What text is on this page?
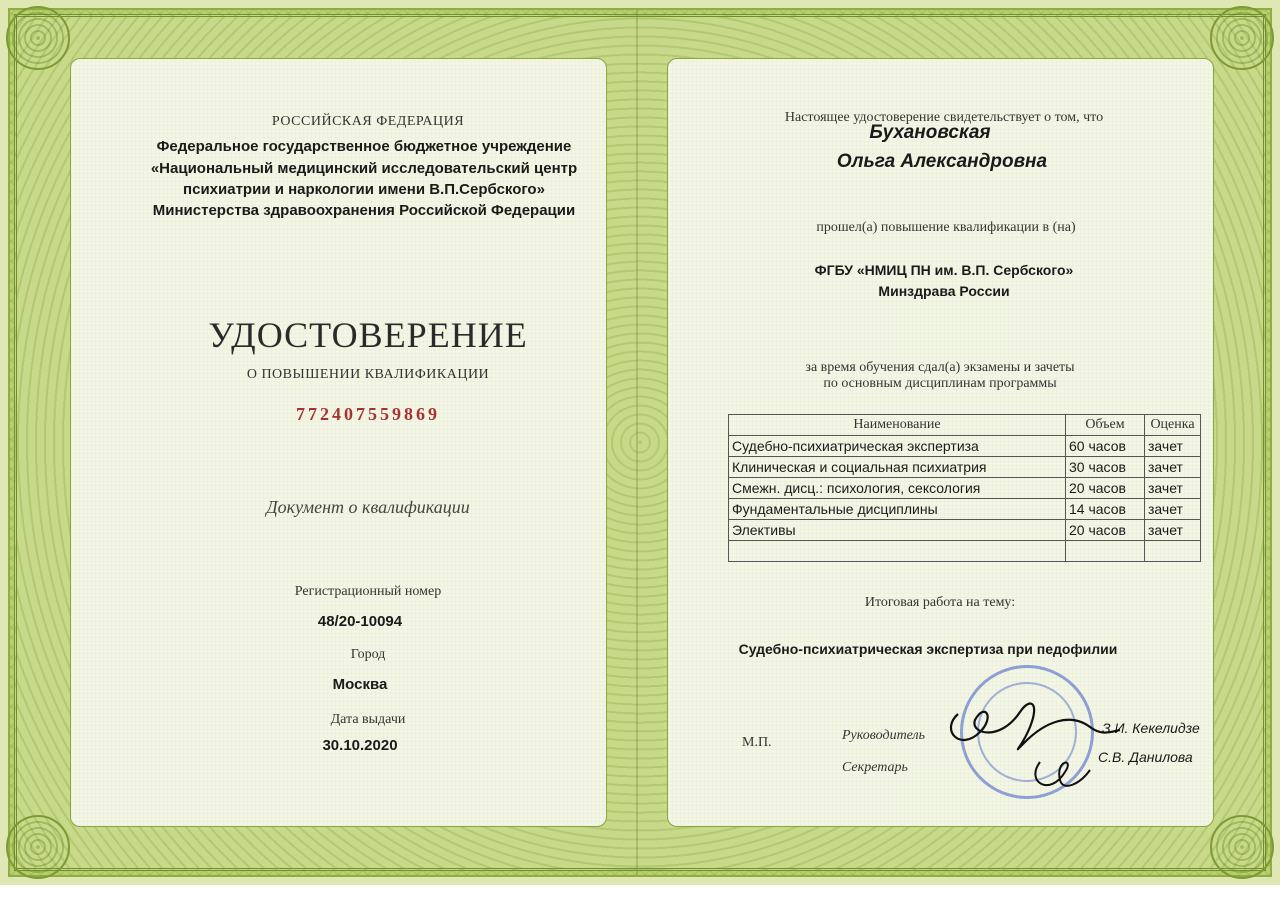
РОССИЙСКАЯ ФЕДЕРАЦИЯ
Федеральное государственное бюджетное учреждение
«Национальный медицинский исследовательский центр
психиатрии и наркологии имени В.П.Сербского»
Министерства здравоохранения Российской Федерации
УДОСТОВЕРЕНИЕ
О ПОВЫШЕНИИ КВАЛИФИКАЦИИ
772407559869
Документ о квалификации
Регистрационный номер
48/20-10094
Город
Москва
Дата выдачи
30.10.2020
Настоящее удостоверение свидетельствует о том, что
Бухановская
Ольга Александровна
прошел(а) повышение квалификации в (на)
ФГБУ «НМИЦ ПН им. В.П. Сербского»
Минздрава России
за время обучения сдал(а) экзамены и зачеты
по основным дисциплинам программы
Наименование	Объем	Оценка
Судебно-психиатрическая экспертиза	60 часов	зачет
Клиническая и социальная психиатрия	30 часов	зачет
Смежн. дисц.: психология, сексология	20 часов	зачет
Фундаментальные дисциплины	14 часов	зачет
Элективы	20 часов	зачет

Итоговая работа на тему:
Судебно-психиатрическая экспертиза при педофилии
М.П.	Руководитель	З.И. Кекелидзе
Секретарь
С.В. Данилова
